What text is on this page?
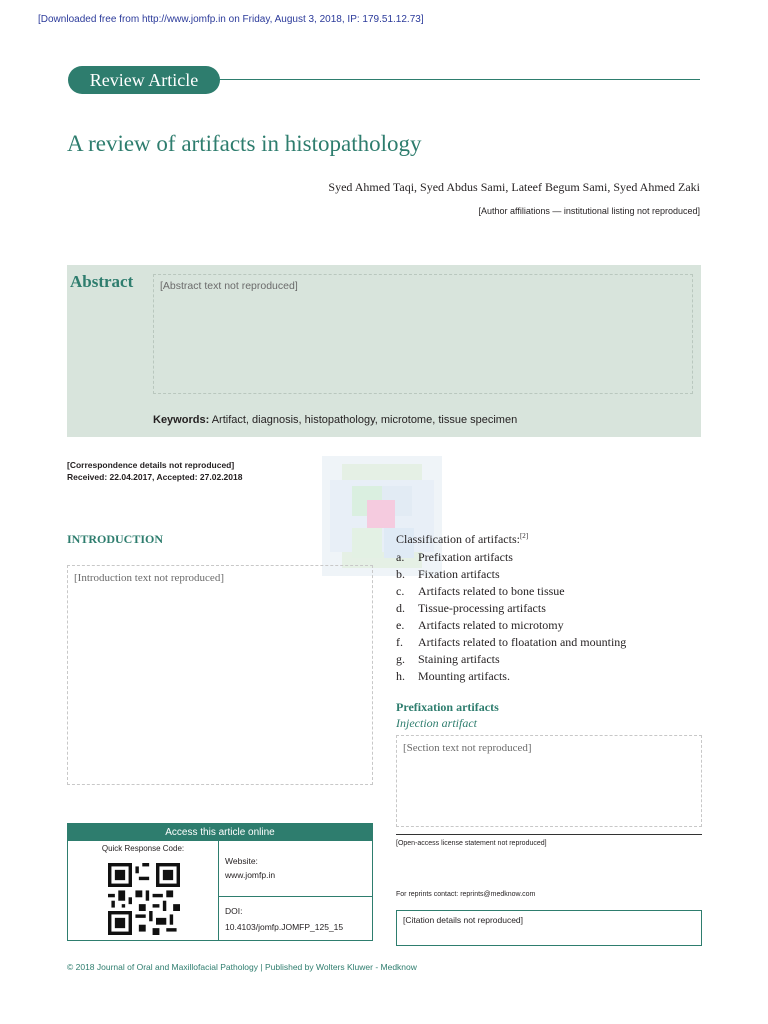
[Downloaded free from http://www.jomfp.in on Friday, August 3, 2018, IP: 179.51.12.73]
Review Article
A review of artifacts in histopathology
Syed Ahmed Taqi, Syed Abdus Sami, Lateef Begum Sami, Syed Ahmed Zaki
[Author affiliations — institutional listing not reproduced]
Abstract	[Abstract text not reproduced]
Keywords: Artifact, diagnosis, histopathology, microtome, tissue specimen
[Correspondence details not reproduced]
Received: 22.04.2017, Accepted: 27.02.2018
INTRODUCTION
[Introduction text not reproduced]
Classification of artifacts:[2]
a.	Prefixation artifacts
b.	Fixation artifacts
c.	Artifacts related to bone tissue
d.	Tissue-processing artifacts
e.	Artifacts related to microtomy
f.	Artifacts related to floatation and mounting
g.	Staining artifacts
h.	Mounting artifacts.
Prefixation artifacts
Injection artifact
[Section text not reproduced]
Access this article online
Quick Response Code:
Website:
www.jomfp.in
DOI:
10.4103/jomfp.JOMFP_125_15
[Open-access license statement not reproduced]
For reprints contact: reprints@medknow.com
[Citation details not reproduced]
© 2018 Journal of Oral and Maxillofacial Pathology | Published by Wolters Kluwer - Medknow
